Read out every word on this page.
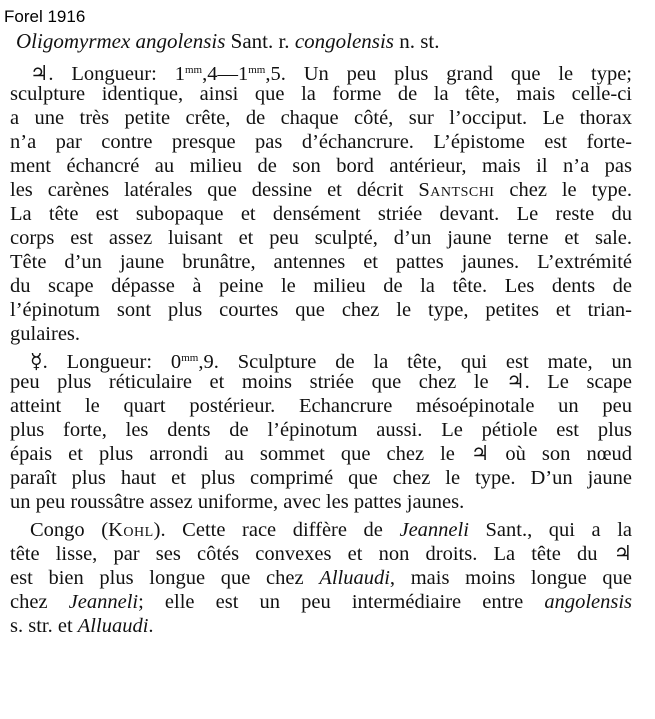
Forel 1916
Oligomyrmex angolensis Sant. r. congolensis n. st.
♃. Longueur: $1^{mm},4—1^{mm},5$. Un peu plus grand que le type;
sculpture identique, ainsi que la forme de la tête, mais celle-ci
a une très petite crête, de chaque côté, sur l’occiput. Le thorax
n’a par contre presque pas d’échancrure. L’épistome est forte-
ment échancré au milieu de son bord antérieur, mais il n’a pas
les carènes latérales que dessine et décrit Santschi chez le type.
La tête est subopaque et densément striée devant. Le reste du
corps est assez luisant et peu sculpté, d’un jaune terne et sale.
Tête d’un jaune brunâtre, antennes et pattes jaunes. L’extrémité
du scape dépasse à peine le milieu de la tête. Les dents de
l’épinotum sont plus courtes que chez le type, petites et trian-
gulaires.
☿. Longueur: $0^{mm},9$. Sculpture de la tête, qui est mate, un
peu plus réticulaire et moins striée que chez le ♃. Le scape
atteint le quart postérieur. Echancrure mésoépinotale un peu
plus forte, les dents de l’épinotum aussi. Le pétiole est plus
épais et plus arrondi au sommet que chez le ♃ où son nœud
paraît plus haut et plus comprimé que chez le type. D’un jaune
un peu roussâtre assez uniforme, avec les pattes jaunes.
Congo (Kohl). Cette race diffère de Jeanneli Sant., qui a la
tête lisse, par ses côtés convexes et non droits. La tête du ♃
est bien plus longue que chez Alluaudi, mais moins longue que
chez Jeanneli; elle est un peu intermédiaire entre angolensis
s. str. et Alluaudi.
